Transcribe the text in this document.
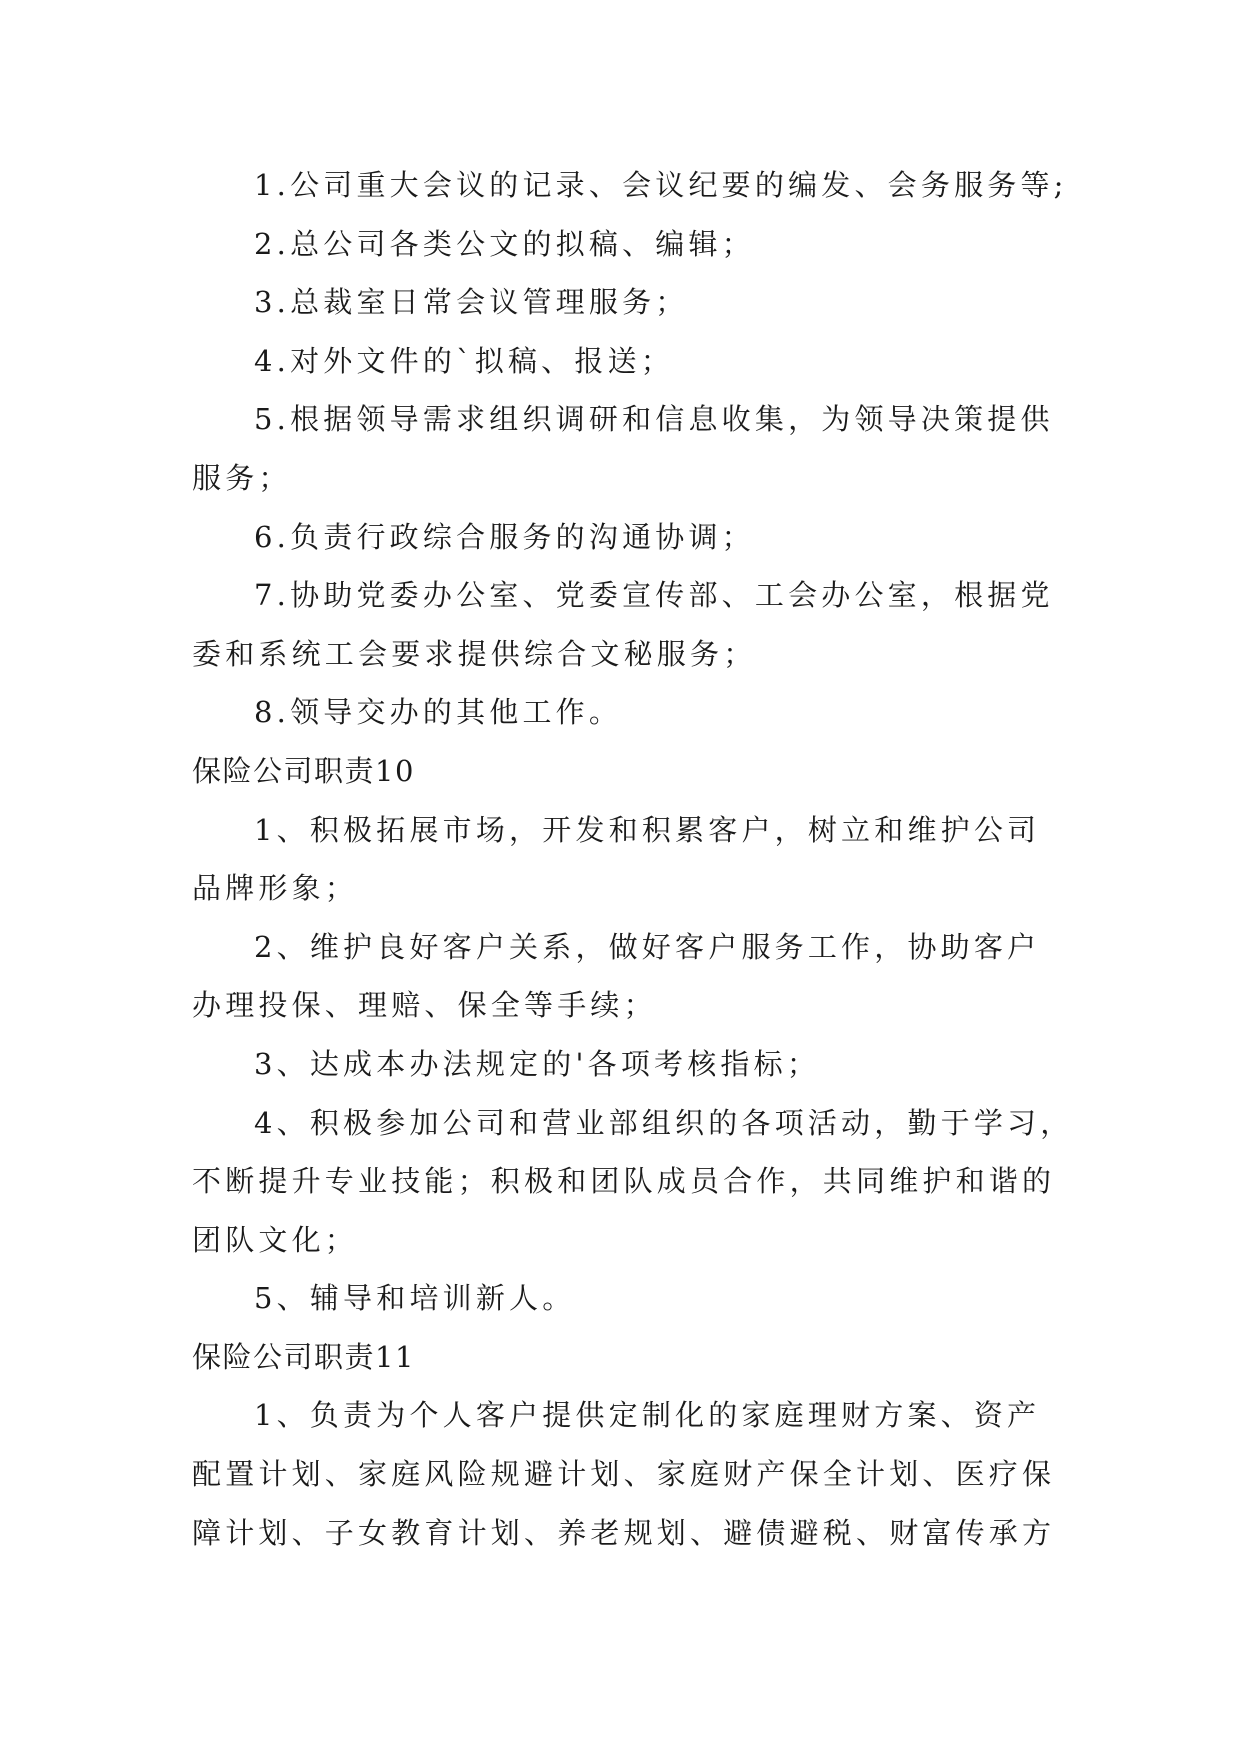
1.公司重大会议的记录、会议纪要的编发、会务服务等;
2.总公司各类公文的拟稿、编辑；
3.总裁室日常会议管理服务；
4.对外文件的`拟稿、报送；
5.根据领导需求组织调研和信息收集，为领导决策提供
服务；
6.负责行政综合服务的沟通协调；
7.协助党委办公室、党委宣传部、工会办公室，根据党
委和系统工会要求提供综合文秘服务；
8.领导交办的其他工作。
保险公司职责10
1、积极拓展市场，开发和积累客户，树立和维护公司
品牌形象；
2、维护良好客户关系，做好客户服务工作，协助客户
办理投保、理赔、保全等手续；
3、达成本办法规定的'各项考核指标；
4、积极参加公司和营业部组织的各项活动，勤于学习，
不断提升专业技能；积极和团队成员合作，共同维护和谐的
团队文化；
5、辅导和培训新人。
保险公司职责11
1、负责为个人客户提供定制化的家庭理财方案、资产
配置计划、家庭风险规避计划、家庭财产保全计划、医疗保
障计划、子女教育计划、养老规划、避债避税、财富传承方
